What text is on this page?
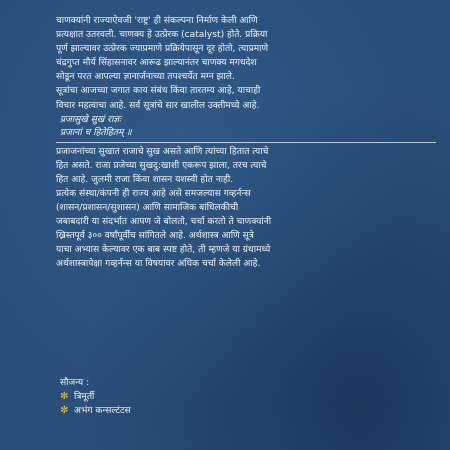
चाणक्यांनी राज्याऐवजी 'राष्ट्र' ही संकल्पना निर्माण केली आणि
प्रत्यक्षात उतरवली. चाणक्य हे उत्प्रेरक (catalyst) होते. प्रक्रिया
पूर्ण झाल्यावर उत्प्रेरक ज्याप्रमाणे प्रक्रियेपासून दूर होतो, त्याप्रमाणे
चंद्रगुप्त मौर्य सिंहासनावर आरूढ झाल्यानंतर चाणक्य मगधदेश
सोडून परत आपल्या ज्ञानार्जनाच्या तपश्चर्येत मग्न झाले.
सूत्रांचा आजच्या जगात काय संबंध किंवा तारतम्य आहे, याचाही
विचार महत्वाचा आहे. सर्व सूत्रांचे सार खालील उक्तीमध्ये आहे.

प्रजासुखे सुखं राज्ञः
प्रजानां च हितेहितम् ॥

प्रजाजनांच्या सुखात राजाचे सुख असते आणि त्यांच्या हितात त्याचे
हित असते. राजा प्रजेच्या सुखदु:खाशी एकरूप झाला, तरच त्याचे
हित आहे. जुलमी राजा किंवा शासन यशस्वी होत नाही.

प्रत्येक संस्था/कंपनी ही राज्य आहे असे समजल्यास गव्हर्नन्स
(शासन/प्रशासन/सुशासन) आणि सामाजिक बांधिलकीची
जबाबदारी या संदर्भात आपण जे बोलतो, चर्चा करतो ते चाणक्यांनी
ख्रिस्तपूर्व ३०० वर्षांपूर्वीच सांगितले आहे. अर्थशास्त्र आणि सूत्रे
याचा अभ्यास केल्यावर एक बाब स्पष्ट होते, ती म्हणजे या ग्रंथामध्ये
अर्थशास्त्रापेक्षा गव्हर्नन्स या विषयावर अधिक चर्चा केलेली आहे.

सौजन्य :
✼ त्रिमूर्ती
✼ अभंग कन्सल्टंटस
